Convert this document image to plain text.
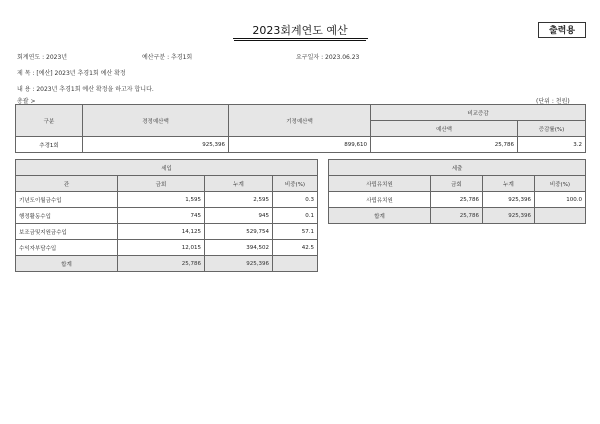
2023회계연도 예산	출력용
회계연도 : 2023년	예산구분 : 추경1회	요구일자 : 2023.06.23
제 목 : [예산] 2023년 추경1회 예산 확정
내 용 : 2023년 추경1회 예산 확정을 하고자 합니다.
총괄 >	(단위 : 천원)
구분	경정예산액	기정예산액	비교증감	
			예산액	증감률(%)
추경1회	925,396	899,610	25,786	3.2
세입			
관	금회	누계	비중(%)
기년도이월금수입	1,595	2,595	0.3
행정활동수입	745	945	0.1
보조금및지원금수입	14,125	529,754	57.1
수익자부담수입	12,015	394,502	42.5
합계	25,786	925,396	
세출			
사립유치원	금회	누계	비중(%)
사립유치원	25,786	925,396	100.0
합계	25,786	925,396	
